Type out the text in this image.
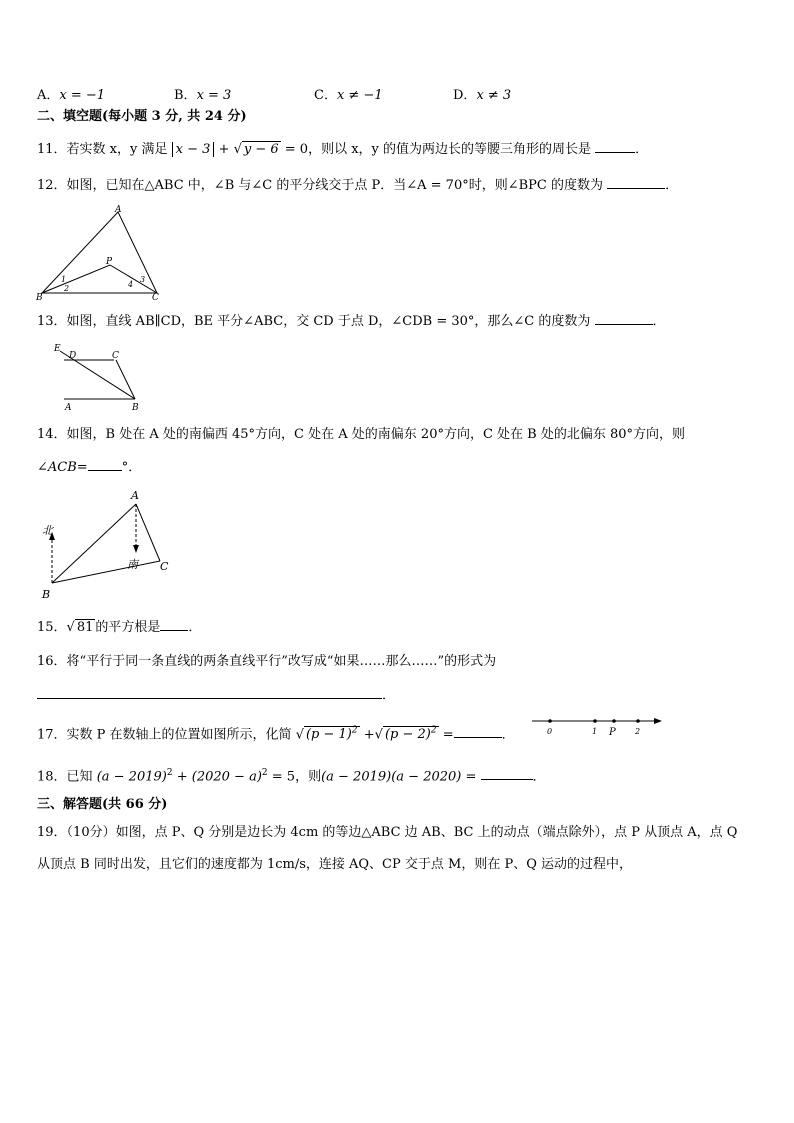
A．x = −1	B．x = 3	C．x ≠ −1	D．x ≠ 3
二、填空题(每小题 3 分, 共 24 分)
11．若实数 x，y 满足 x − 3 + √ y − 6 = 0，则以 x，y 的值为两边长的等腰三角形的周长是	．
12．如图，已知在△ABC 中，∠B 与∠C 的平分线交于点 P．当∠A = 70°时，则∠BPC 的度数为	．
A
B	C
P
1
2
3
4
13．如图，直线 AB∥CD，BE 平分∠ABC，交 CD 于点 D，∠CDB = 30°，那么∠C 的度数为	．
E
D	C
A	B
14．如图，B 处在 A 处的南偏西 45°方向，C 处在 A 处的南偏东 20°方向，C 处在 B 处的北偏东 80°方向，则
∠ACB=	°．
北
南
A
B
C
15．√ 81 的平方根是 ．
16．将“平行于同一条直线的两条直线平行”改写成“如果……那么……”的形式为
．
17．实数 P 在数轴上的位置如图所示，化简 √ $(p - 1)^2$ +√ $(p - 2)^2$ =	．	0	1 P 2
18．已知 $(a - 2019)^2 + (2020 - a)^2 = 5$，则(a − 2019)(a − 2020) =	．
三、解答题(共 66 分)
19．（10分）如图，点 P、Q 分别是边长为 4cm 的等边△ABC 边 AB、BC 上的动点（端点除外），点 P 从顶点 A，点 Q
从顶点 B 同时出发，且它们的速度都为 1cm/s，连接 AQ、CP 交于点 M，则在 P、Q 运动的过程中，
